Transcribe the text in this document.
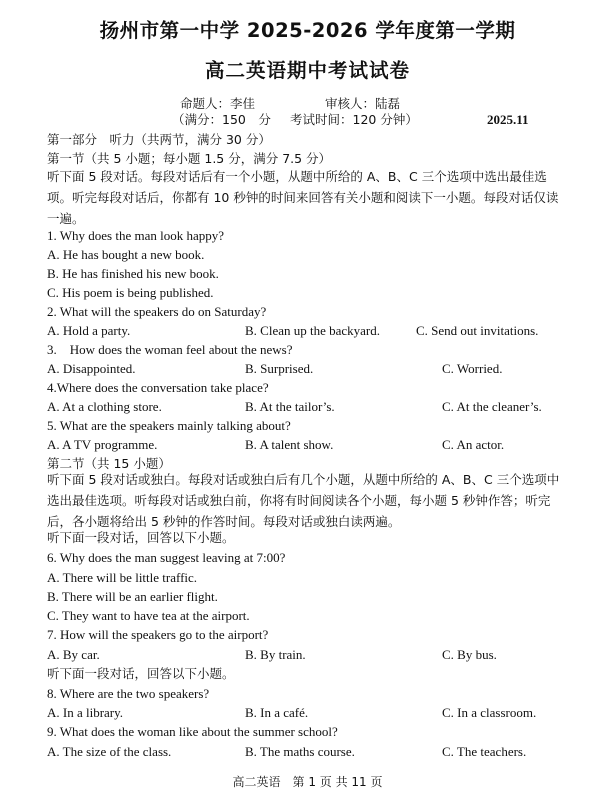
扬州市第一中学 2025-2026 学年度第一学期
高二英语期中考试试卷
命题人：李佳	审核人：陆磊
（满分：150　分 考试时间：120 分钟）	2025.11
第一部分　听力（共两节，满分 30 分）
第一节（共 5 小题；每小题 1.5 分，满分 7.5 分）
听下面 5 段对话。每段对话后有一个小题，从题中所给的 A、B、C 三个选项中选出最佳选项。听完每段对话后，你都有 10 秒钟的时间来回答有关小题和阅读下一小题。每段对话仅读一遍。
1. Why does the man look happy?
A. He has bought a new book.
B. He has finished his new book.
C. His poem is being published.
2. What will the speakers do on Saturday?
A. Hold a party.	B. Clean up the backyard.	C. Send out invitations.
3.　How does the woman feel about the news?
A. Disappointed.	B. Surprised.	C. Worried.
4.Where does the conversation take place?
A. At a clothing store.	B. At the tailor’s.	C. At the cleaner’s.
5. What are the speakers mainly talking about?
A. A TV programme.	B. A talent show.	C. An actor.
第二节（共 15 小题）
听下面 5 段对话或独白。每段对话或独白后有几个小题，从题中所给的 A、B、C 三个选项中选出最佳选项。听每段对话或独白前，你将有时间阅读各个小题，每小题 5 秒钟作答；听完后，各小题将给出 5 秒钟的作答时间。每段对话或独白读两遍。
听下面一段对话，回答以下小题。
6. Why does the man suggest leaving at 7:00?
A. There will be little traffic.
B. There will be an earlier flight.
C. They want to have tea at the airport.
7. How will the speakers go to the airport?
A. By car.	B. By train.	C. By bus.
听下面一段对话，回答以下小题。
8. Where are the two speakers?
A. In a library.	B. In a café.	C. In a classroom.
9. What does the woman like about the summer school?
A. The size of the class.	B. The maths course.	C. The teachers.
高二英语　第 1 页 共 11 页
